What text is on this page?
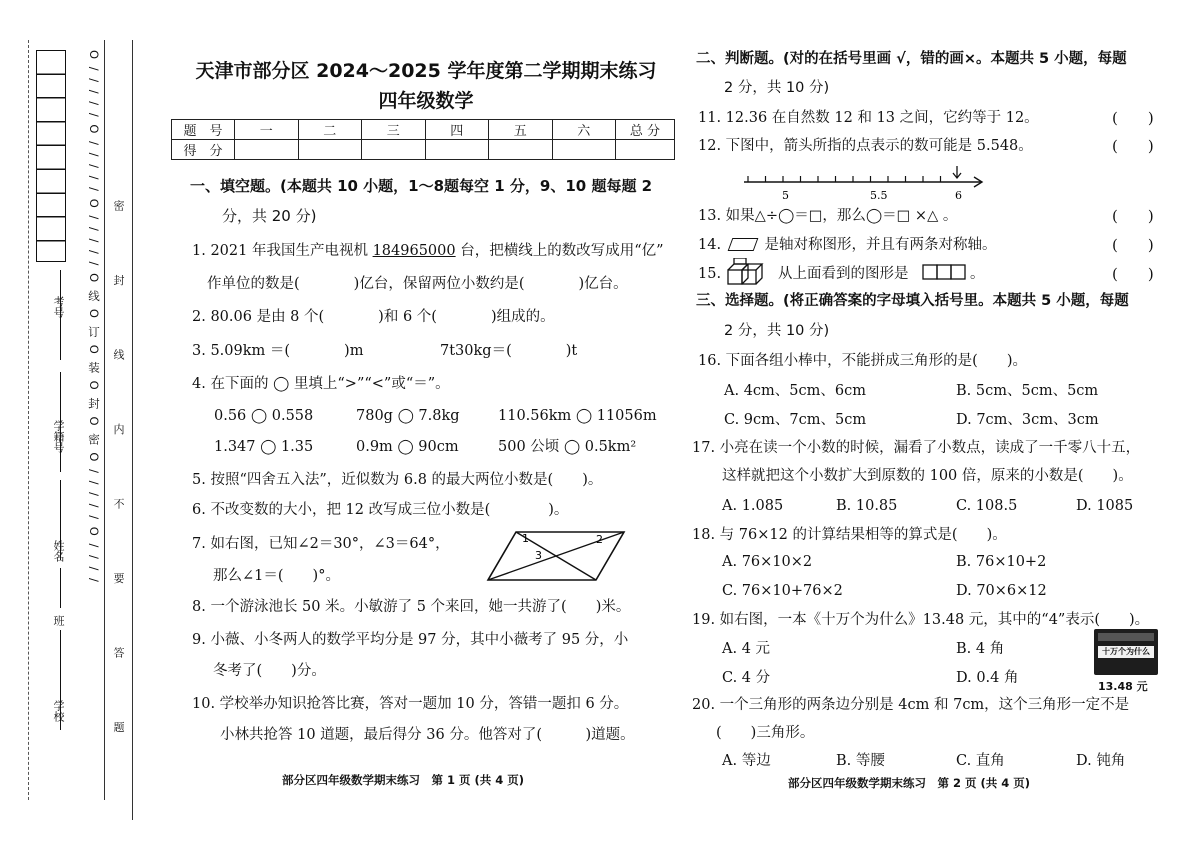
考号
学籍号
姓名
班
学校
O / / / / / O / / / / / O / / / / / O 线 O 订 O 装 O 封 O 密 O / / / / / O / / / / 密 封 线 内 不 要 答 题
天津市部分区 2024～2025 学年度第二学期期末练习
四年级数学
题　号	一	二	三	四	五	六	总 分
得　分							
一、填空题。(本题共 10 小题，1～8题每空 1 分，9、10 题每题 2
分，共 20 分)
1. 2021 年我国生产电视机 184965000 台，把横线上的数改写成用“亿”
作单位的数是(	)亿台，保留两位小数约是(	)亿台。
2. 80.06 是由 8 个(	)和 6 个(	)组成的。
3. 5.09km ＝(	)m	7t30kg＝(	)t
4. 在下面的 ◯ 里填上“>”“<”或“＝”。
0.56 ◯ 0.558	780g ◯ 7.8kg	110.56km ◯ 11056m
1.347 ◯ 1.35	0.9m ◯ 90cm	500 公顷 ◯ 0.5km²
5. 按照“四舍五入法”，近似数为 6.8 的最大两位小数是(　　)。
6. 不改变数的大小，把 12 改写成三位小数是(　　　　)。
7. 如右图，已知∠2＝30°，∠3＝64°，
那么∠1＝(　　)°。
1	2
3
8. 一个游泳池长 50 米。小敏游了 5 个来回，她一共游了(　　)米。
9. 小薇、小冬两人的数学平均分是 97 分，其中小薇考了 95 分，小
冬考了(　　)分。
10. 学校举办知识抢答比赛，答对一题加 10 分，答错一题扣 6 分。
小林共抢答 10 道题，最后得分 36 分。他答对了(　　　)道题。
部分区四年级数学期末练习　第 1 页 (共 4 页)
二、判断题。(对的在括号里画 √，错的画×。本题共 5 小题，每题
2 分，共 10 分)
11. 12.36 在自然数 12 和 13 之间，它约等于 12。	(　　)
12. 下图中，箭头所指的点表示的数可能是 5.548。	(　　)
5	5.5	6
13. 如果△÷◯＝□，那么◯＝□ ×△ 。	(　　)
14.　　　是轴对称图形，并且有两条对称轴。	(　　)
15.	从上面看到的图形是	。	(　　)
三、选择题。(将正确答案的字母填入括号里。本题共 5 小题，每题
2 分，共 10 分)
16. 下面各组小棒中，不能拼成三角形的是(　　)。
A. 4cm、5cm、6cm	B. 5cm、5cm、5cm
C. 9cm、7cm、5cm	D. 7cm、3cm、3cm
17. 小亮在读一个小数的时候，漏看了小数点，读成了一千零八十五，
这样就把这个小数扩大到原数的 100 倍，原来的小数是(　　)。
A. 1.085	B. 10.85	C. 108.5	D. 1085
18. 与 76×12 的计算结果相等的算式是(　　)。
A. 76×10×2	B. 76×10+2
C. 76×10+76×2	D. 70×6×12
19. 如右图，一本《十万个为什么》13.48 元，其中的“4”表示(　　)。
A. 4 元	B. 4 角
C. 4 分	D. 0.4 角
十万个为什么
13.48 元
20. 一个三角形的两条边分别是 4cm 和 7cm，这个三角形一定不是
(　　)三角形。
A. 等边	B. 等腰	C. 直角	D. 钝角
部分区四年级数学期末练习　第 2 页 (共 4 页)
